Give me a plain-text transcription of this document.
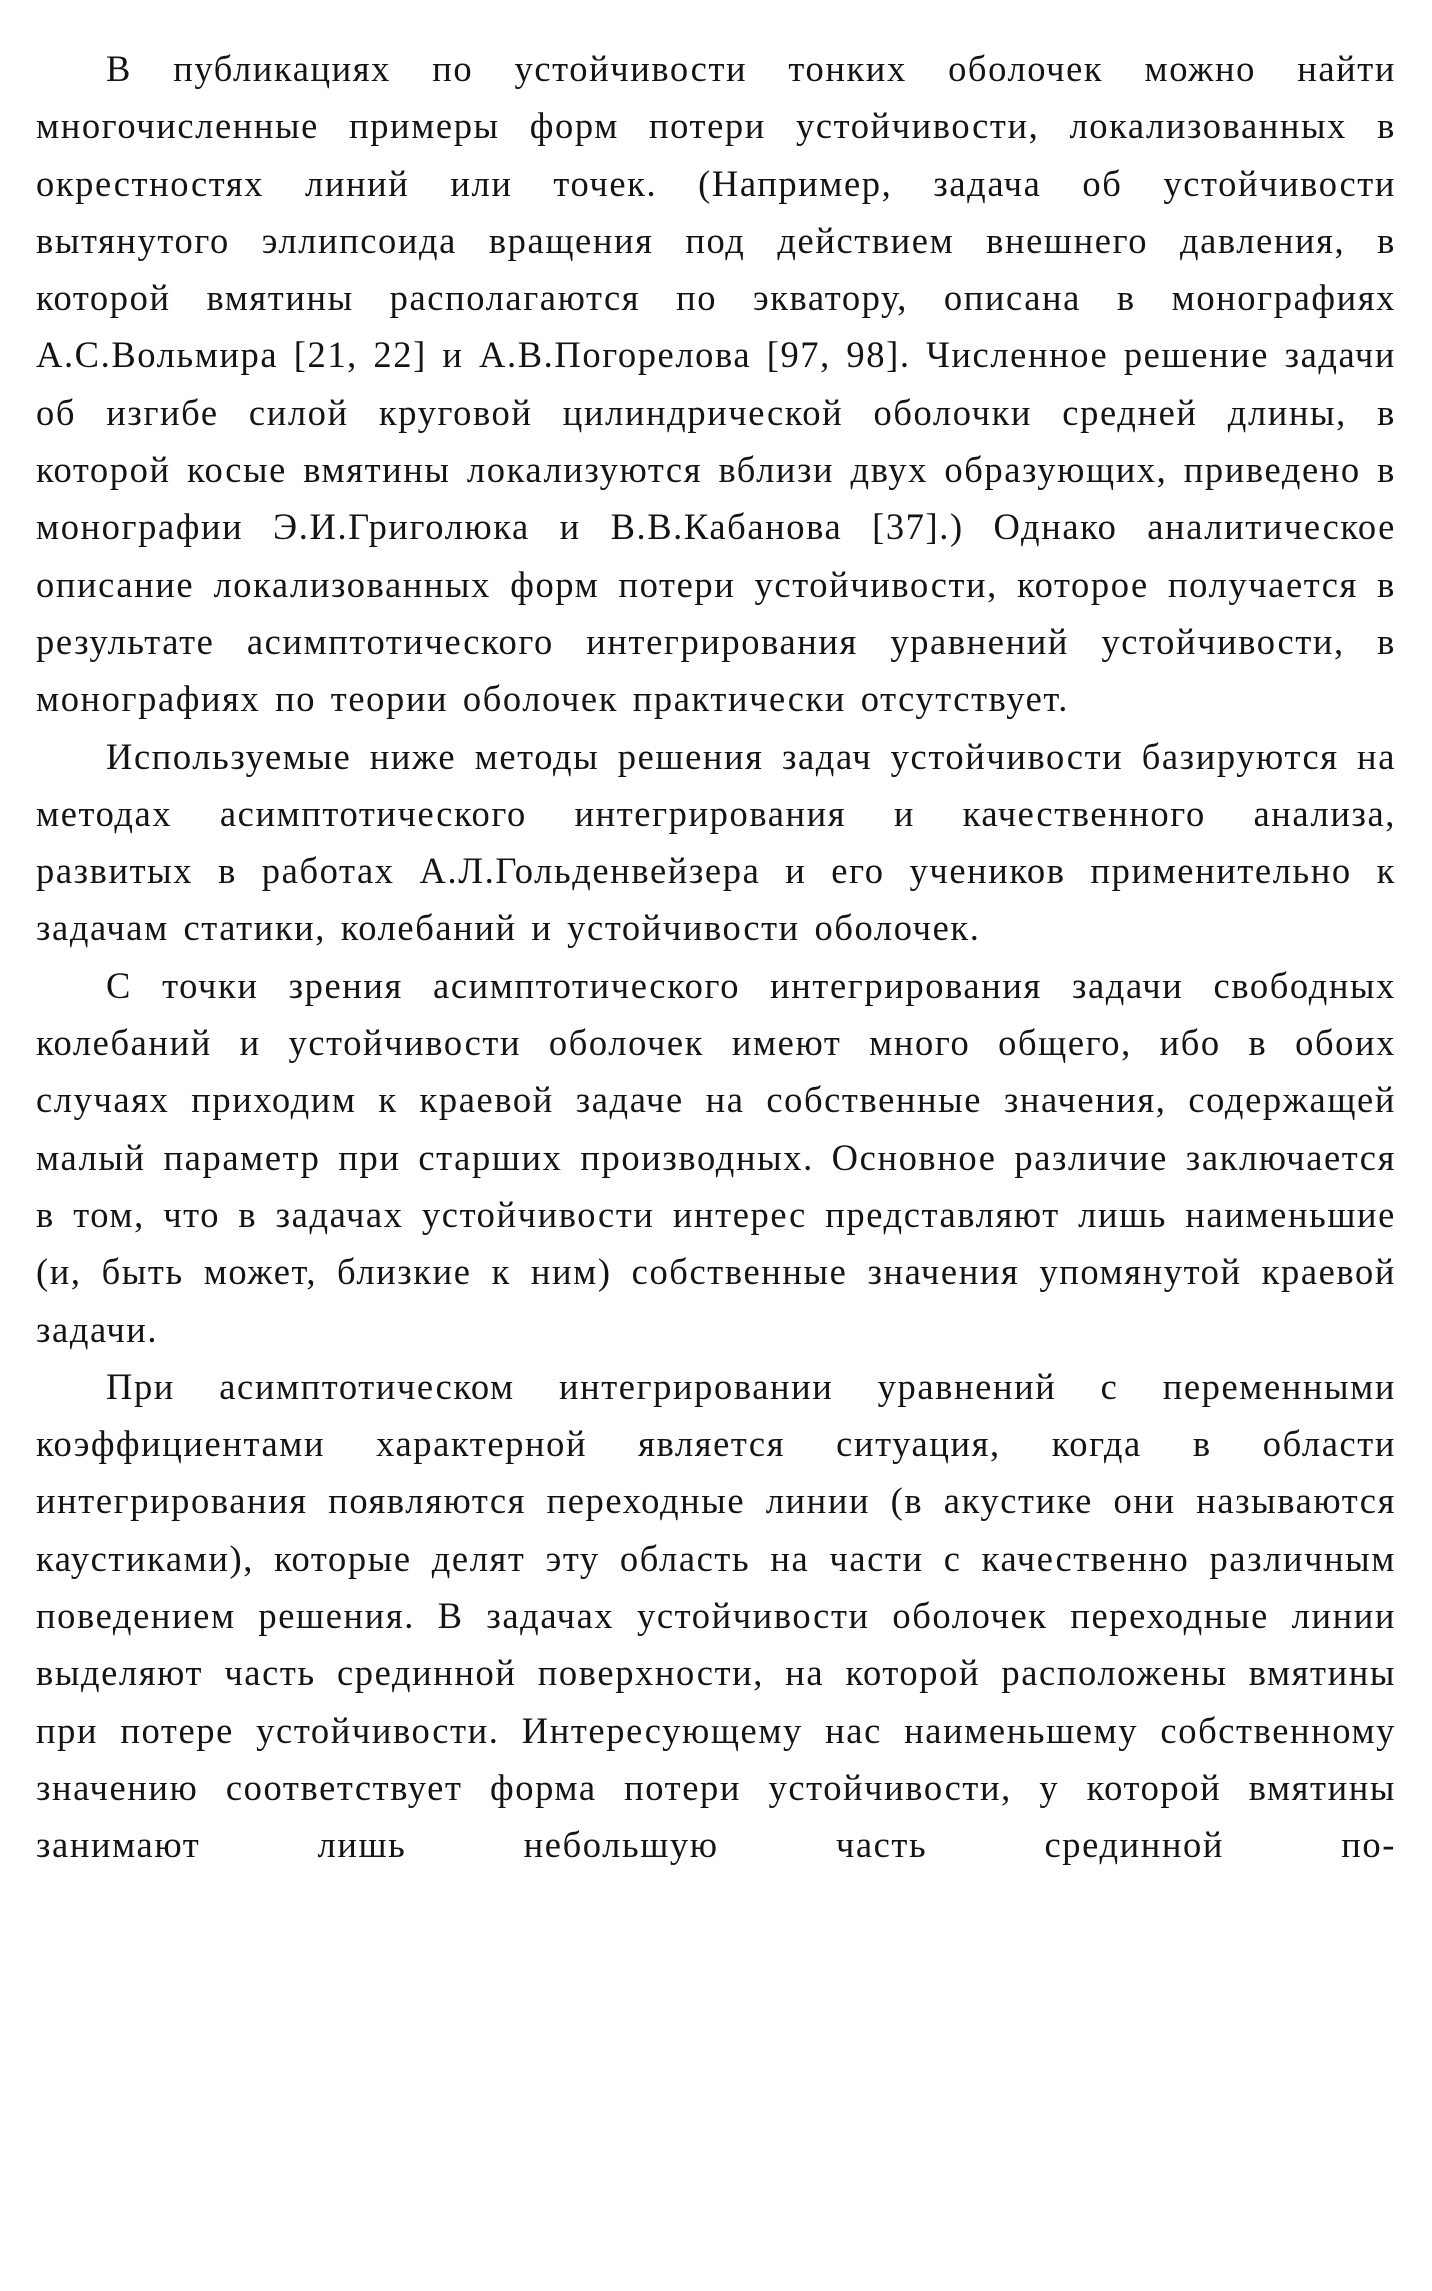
В публикациях по устойчивости тонких оболочек можно найти многочисленные примеры форм потери устойчивости, локализованных в окрестностях линий или точек. (Например, задача об устойчивости вытянутого эллипсоида вращения под действием внешнего давления, в которой вмятины располагаются по экватору, описана в монографиях А.С.Вольмира [21, 22] и А.В.Погорелова [97, 98]. Численное решение задачи об изгибе силой круговой цилиндрической оболочки средней длины, в которой косые вмятины локализуются вблизи двух образующих, приведено в монографии Э.И.Григолюка и В.В.Кабанова [37].) Однако аналитическое описание локализованных форм потери устойчивости, которое получается в результате асимптотического интегрирования уравнений устойчивости, в монографиях по теории оболочек практически отсутствует.

Используемые ниже методы решения задач устойчивости базируются на методах асимптотического интегрирования и качественного анализа, развитых в работах А.Л.Гольденвейзера и его учеников применительно к задачам статики, колебаний и устойчивости оболочек.

С точки зрения асимптотического интегрирования задачи свободных колебаний и устойчивости оболочек имеют много общего, ибо в обоих случаях приходим к краевой задаче на собственные значения, содержащей малый параметр при старших производных. Основное различие заключается в том, что в задачах устойчивости интерес представляют лишь наименьшие (и, быть может, близкие к ним) собственные значения упомянутой краевой задачи.

При асимптотическом интегрировании уравнений с переменными коэффициентами характерной является ситуация, когда в области интегрирования появляются переходные линии (в акустике они называются каустиками), которые делят эту область на части с качественно различным поведением решения. В задачах устойчивости оболочек переходные линии выделяют часть срединной поверхности, на которой расположены вмятины при потере устойчивости. Интересующему нас наименьшему собственному значению соответствует форма потери устойчивости, у которой вмятины занимают лишь небольшую часть срединной по-
